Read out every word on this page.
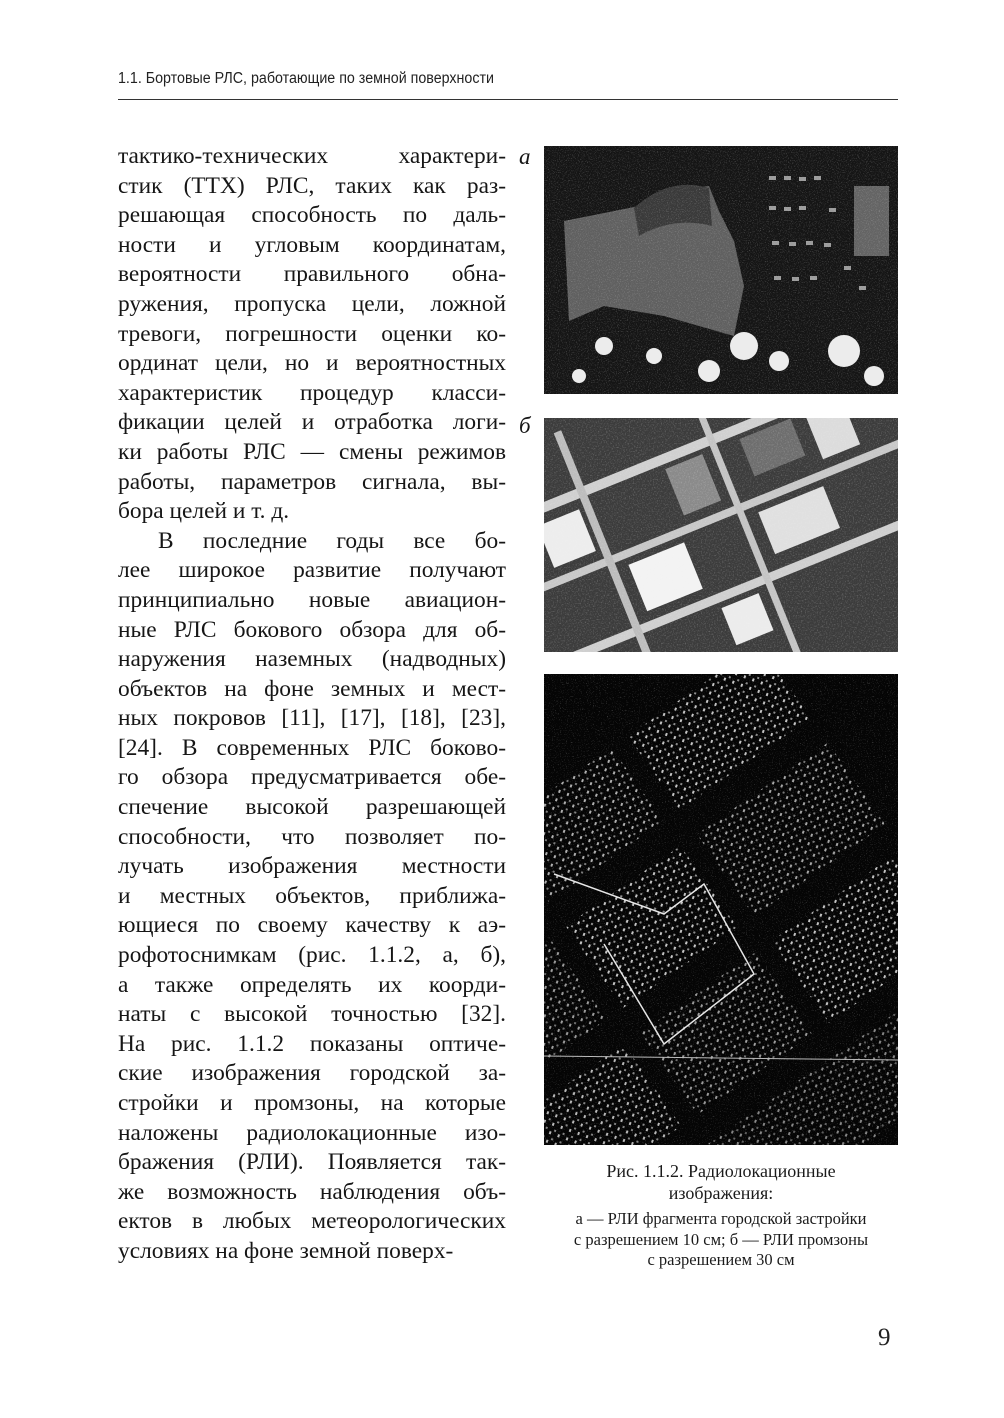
1.1. Бортовые РЛС, работающие по земной поверхности
тактико-технических характери-
стик (ТТХ) РЛС, таких как раз-
решающая способность по даль-
ности и угловым координатам,
вероятности правильного обна-
ружения, пропуска цели, ложной
тревоги, погрешности оценки ко-
ординат цели, но и вероятностных
характеристик процедур класси-
фикации целей и отработка логи-
ки работы РЛС — смены режимов
работы, параметров сигнала, вы-
бора целей и т. д.
В последние годы все бо-
лее широкое развитие получают
принципиально новые авиацион-
ные РЛС бокового обзора для об-
наружения наземных (надводных)
объектов на фоне земных и мест-
ных покровов [11], [17], [18], [23],
[24]. В современных РЛС боково-
го обзора предусматривается обе-
спечение высокой разрешающей
способности, что позволяет по-
лучать изображения местности
и местных объектов, приближа-
ющиеся по своему качеству к аэ-
рофотоснимкам (рис. 1.1.2, а, б),
а также определять их коорди-
наты с высокой точностью [32].
На рис. 1.1.2 показаны оптиче-
ские изображения городской за-
стройки и промзоны, на которые
наложены радиолокационные изо-
бражения (РЛИ). Появляется так-
же возможность наблюдения объ-
ектов в любых метеорологических
условиях на фоне земной поверх-
а
б
Рис. 1.1.2. Радиолокационные
изображения:
а — РЛИ фрагмента городской застройки
с разрешением 10 см; б — РЛИ промзоны
с разрешением 30 см
9
